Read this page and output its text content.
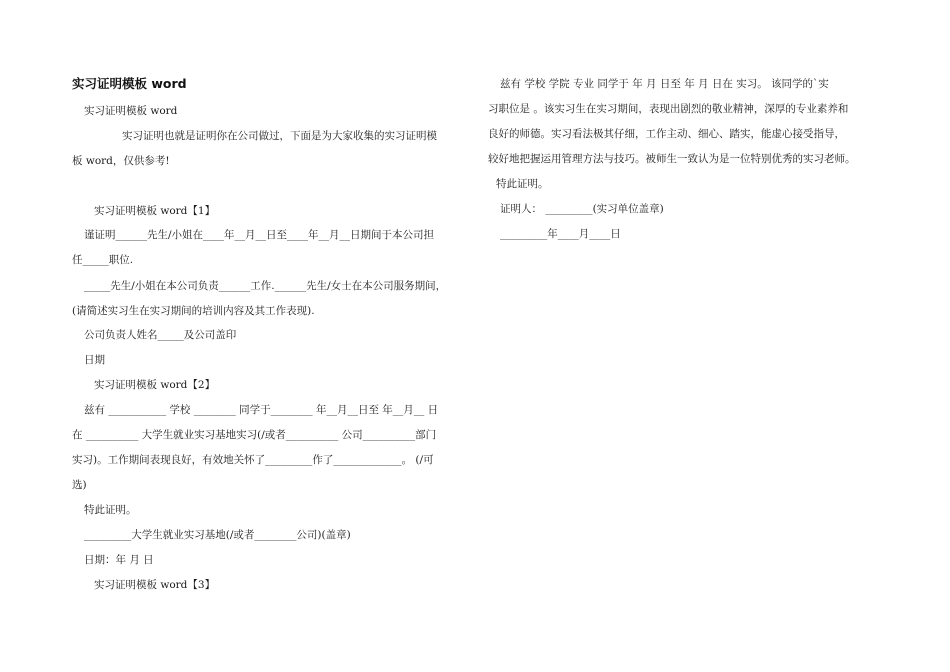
实习证明模板 word
实习证明模板 word
实习证明也就是证明你在公司做过，下面是为大家收集的实习证明模
板 word，仅供参考!
实习证明模板 word【1】
谨证明______先生/小姐在____年__月__日至____年__月__日期间于本公司担
任_____职位.
_____先生/小姐在本公司负责______工作.______先生/女士在本公司服务期间，
(请简述实习生在实习期间的培训内容及其工作表现).
公司负责人姓名_____及公司盖印
日期
实习证明模板 word【2】
兹有 ___________ 学校 ________ 同学于________ 年__月__日至 年__月__ 日
在 __________ 大学生就业实习基地实习(/或者__________ 公司__________部门
实习)。工作期间表现良好，有效地关怀了_________作了_____________。 (/可
选)
特此证明。
_________大学生就业实习基地(/或者________公司)(盖章)
日期：年 月 日
实习证明模板 word【3】
兹有 学校 学院 专业 同学于 年 月 日至 年 月 日在 实习。 该同学的`实
习职位是 。该实习生在实习期间，表现出剧烈的敬业精神，深厚的专业素养和
良好的师德。实习看法极其仔细，工作主动、细心、踏实，能虚心接受指导，
较好地把握运用管理方法与技巧。被师生一致认为是一位特别优秀的实习老师。
特此证明。
证明人： _________(实习单位盖章)
_________年____月____日
